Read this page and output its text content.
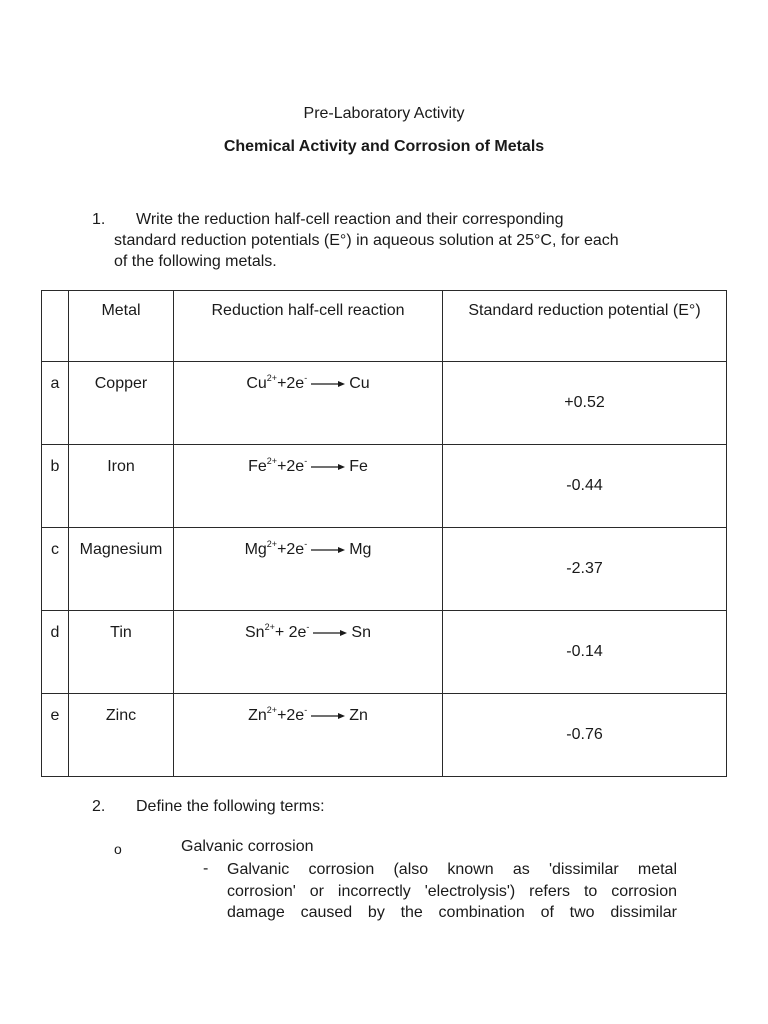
Pre-Laboratory Activity
Chemical Activity and Corrosion of Metals
1. Write the reduction half-cell reaction and their corresponding
standard reduction potentials (E°) in aqueous solution at 25°C, for each
of the following metals.
	Metal	Reduction half-cell reaction	Standard reduction potential (E°)
a	Copper	$Cu^{2+}+2e^- \to Cu$	+0.52
b	Iron	$Fe^{2+}+2e^- \to Fe$	-0.44
c	Magnesium	$Mg^{2+}+2e^- \to Mg$	-2.37
d	Tin	$Sn^{2+}+ 2e^- \to Sn$	-0.14
e	Zinc	$Zn^{2+}+2e^- \to Zn$	-0.76
2. Define the following terms:
o	Galvanic corrosion
- Galvanic corrosion (also known as 'dissimilar metal
corrosion' or incorrectly 'electrolysis') refers to corrosion
damage caused by the combination of two dissimilar
